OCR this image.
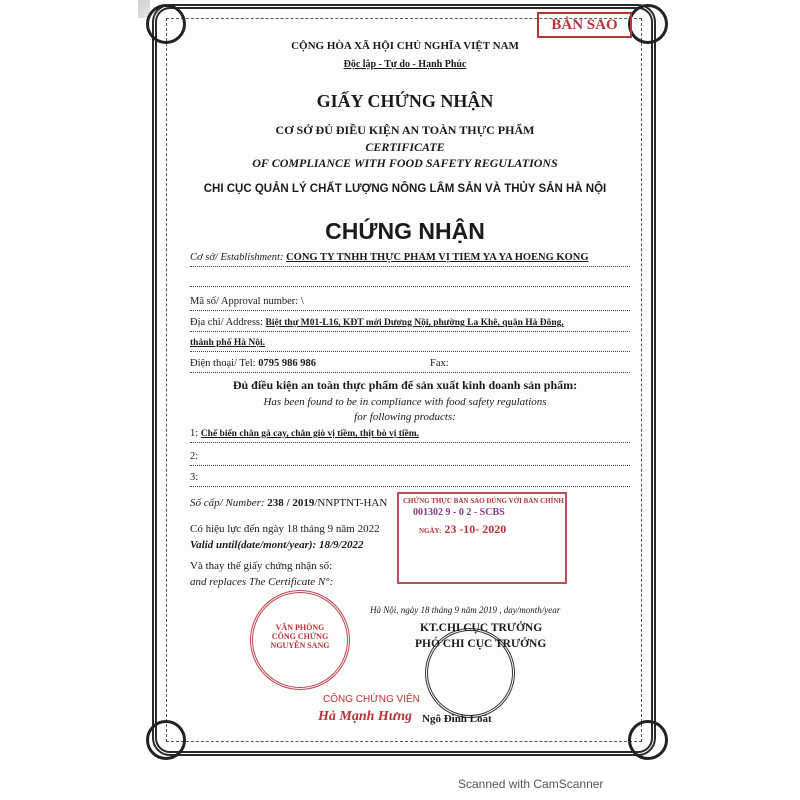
BẢN SAO
CỘNG HÒA XÃ HỘI CHỦ NGHĨA VIỆT NAM
Độc lập - Tự do - Hạnh Phúc
GIẤY CHỨNG NHẬN
CƠ SỞ ĐỦ ĐIỀU KIỆN AN TOÀN THỰC PHẨM
CERTIFICATE
OF COMPLIANCE WITH FOOD SAFETY REGULATIONS
CHI CỤC QUẢN LÝ CHẤT LƯỢNG NÔNG LÂM SẢN VÀ THỦY SẢN HÀ NỘI
CHỨNG NHẬN
Cơ sở/ Establishment: CÔNG TY TNHH THỰC PHẨM VỊ TIỀM YA YA HOENG KONG
Mã số/ Approval number: \
Địa chỉ/ Address: Biệt thự M01-L16, KĐT mới Dương Nội, phường La Khê, quận Hà Đông,
thành phố Hà Nội.
Điện thoại/ Tel: 0795 986 986	Fax:
Đủ điều kiện an toàn thực phẩm để sản xuất kinh doanh sản phẩm:
Has been found to be in compliance with food safety regulations
for following products:
1: Chế biến chân gà cay, chân giò vị tiềm, thịt bò vị tiềm.
2:
3:
Số cấp/ Number: 238 / 2019/NNPTNT-HAN
Có hiệu lực đến ngày 18 tháng 9 năm 2022
Valid until(date/mont/year): 18/9/2022
Và thay thế giấy chứng nhận số:
and replaces The Certificate N°:
CHỨNG THỰC BẢN SAO ĐÚNG VỚI BẢN CHÍNH
001302 9 - 0 2 - SCBS
NGÀY: 23 -10- 2020
VĂN PHÒNG CÔNG CHỨNG NGUYỄN SANG
Hà Nội, ngày 18 tháng 9 năm 2019 , day/month/year
KT.CHI CỤC TRƯỞNG
PHÓ CHI CỤC TRƯỞNG
CÔNG CHỨNG VIÊN
Hà Mạnh Hưng Ngô Đình Loát
Scanned with CamScanner
